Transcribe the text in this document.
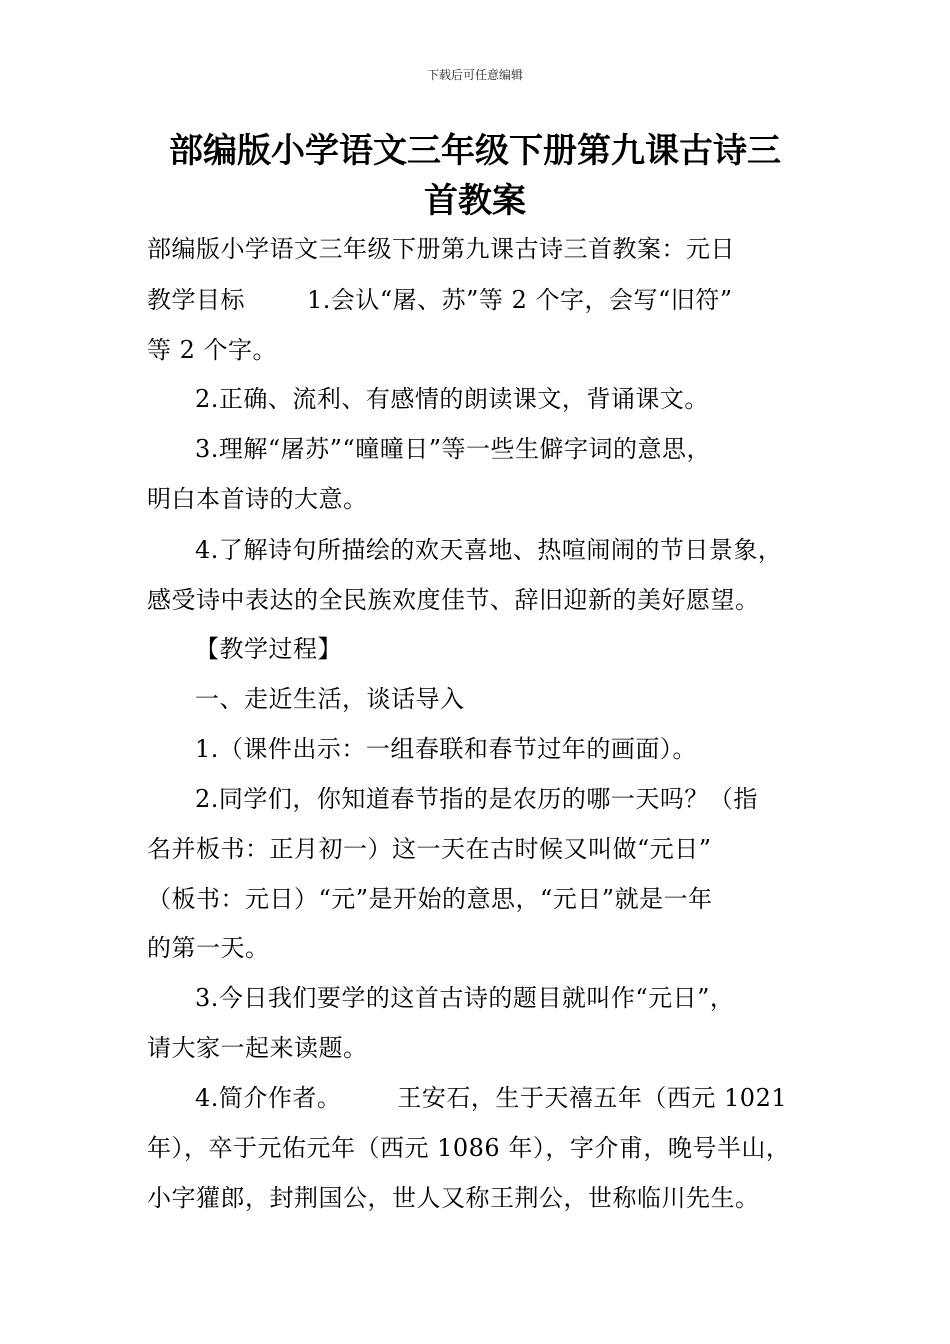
下载后可任意编辑
部编版小学语文三年级下册第九课古诗三
首教案
部编版小学语文三年级下册第九课古诗三首教案：元日
教学目标	1.会认“屠、苏”等 2 个字，会写“旧符”
等 2 个字。
2.正确、流利、有感情的朗读课文，背诵课文。
3.理解“屠苏”“曈曈日”等一些生僻字词的意思，
明白本首诗的大意。
4.了解诗句所描绘的欢天喜地、热喧闹闹的节日景象，
感受诗中表达的全民族欢度佳节、辞旧迎新的美好愿望。
【教学过程】
一、走近生活，谈话导入
1.（课件出示：一组春联和春节过年的画面）。
2.同学们，你知道春节指的是农历的哪一天吗？（指
名并板书：正月初一）这一天在古时候又叫做“元日”
（板书：元日）“元”是开始的意思，“元日”就是一年
的第一天。
3.今日我们要学的这首古诗的题目就叫作“元日”，
请大家一起来读题。
4.简介作者。 王安石，生于天禧五年（西元 1021
年），卒于元佑元年（西元 1086 年），字介甫，晚号半山，
小字獾郎，封荆国公，世人又称王荆公，世称临川先生。
